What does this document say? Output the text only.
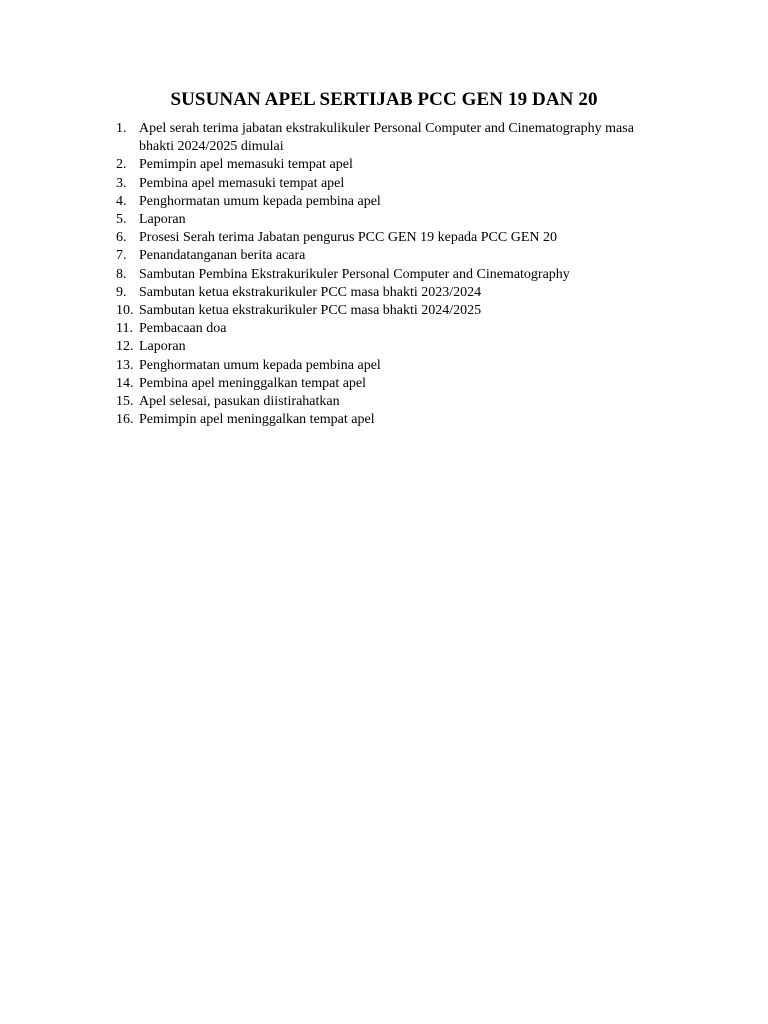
SUSUNAN APEL SERTIJAB PCC GEN 19 DAN 20
1. Apel serah terima jabatan ekstrakulikuler Personal Computer and Cinematography masa bhakti 2024/2025 dimulai
2. Pemimpin apel memasuki tempat apel
3. Pembina apel memasuki tempat apel
4. Penghormatan umum kepada pembina apel
5. Laporan
6. Prosesi Serah terima Jabatan pengurus PCC GEN 19 kepada PCC GEN 20
7. Penandatanganan berita acara
8. Sambutan Pembina Ekstrakurikuler Personal Computer and Cinematography
9. Sambutan ketua ekstrakurikuler PCC masa bhakti 2023/2024
10. Sambutan ketua ekstrakurikuler PCC masa bhakti 2024/2025
11. Pembacaan doa
12. Laporan
13. Penghormatan umum kepada pembina apel
14. Pembina apel meninggalkan tempat apel
15. Apel selesai, pasukan diistirahatkan
16. Pemimpin apel meninggalkan tempat apel
